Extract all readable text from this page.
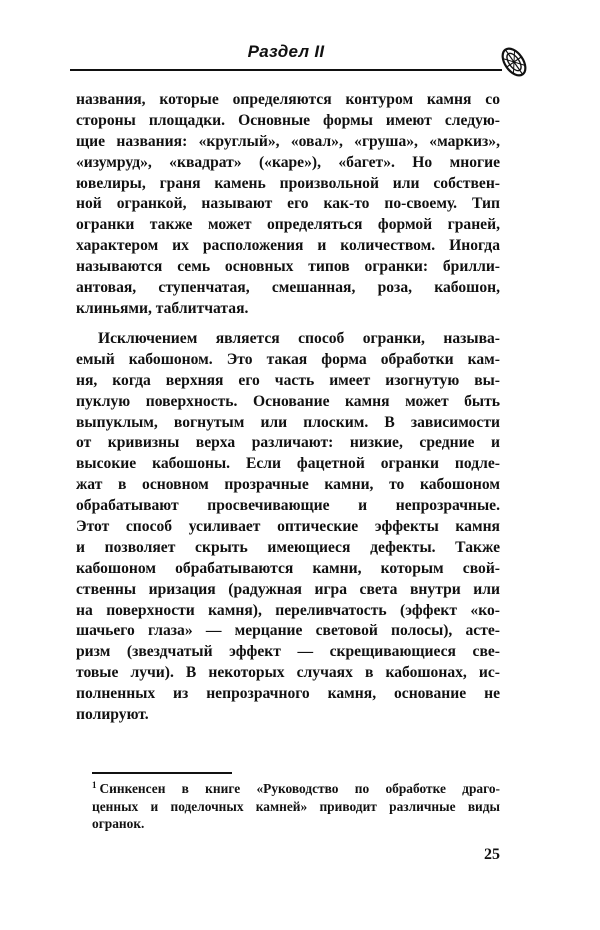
Раздел II
названия, которые определяются контуром камня со
стороны площадки. Основные формы имеют следую-
щие названия: «круглый», «овал», «груша», «маркиз»,
«изумруд», «квадрат» («каре»), «багет». Но многие
ювелиры, граня камень произвольной или собствен-
ной огранкой, называют его как-то по-своему. Тип
огранки также может определяться формой граней,
характером их расположения и количеством. Иногда
называются семь основных типов огранки: брилли-
антовая, ступенчатая, смешанная, роза, кабошон,
клиньями, таблитчатая.
Исключением является способ огранки, называ-
емый кабошоном. Это такая форма обработки кам-
ня, когда верхняя его часть имеет изогнутую вы-
пуклую поверхность. Основание камня может быть
выпуклым, вогнутым или плоским. В зависимости
от кривизны верха различают: низкие, средние и
высокие кабошоны. Если фацетной огранки подле-
жат в основном прозрачные камни, то кабошоном
обрабатывают просвечивающие и непрозрачные.
Этот способ усиливает оптические эффекты камня
и позволяет скрыть имеющиеся дефекты. Также
кабошоном обрабатываются камни, которым свой-
ственны иризация (радужная игра света внутри или
на поверхности камня), переливчатость (эффект «ко-
шачьего глаза» — мерцание световой полосы), асте-
ризм (звездчатый эффект — скрещивающиеся све-
товые лучи). В некоторых случаях в кабошонах, ис-
полненных из непрозрачного камня, основание не
полируют.
$^1$ Синкенсен в книге «Руководство по обработке драго-
ценных и поделочных камней» приводит различные виды
огранок.
25
